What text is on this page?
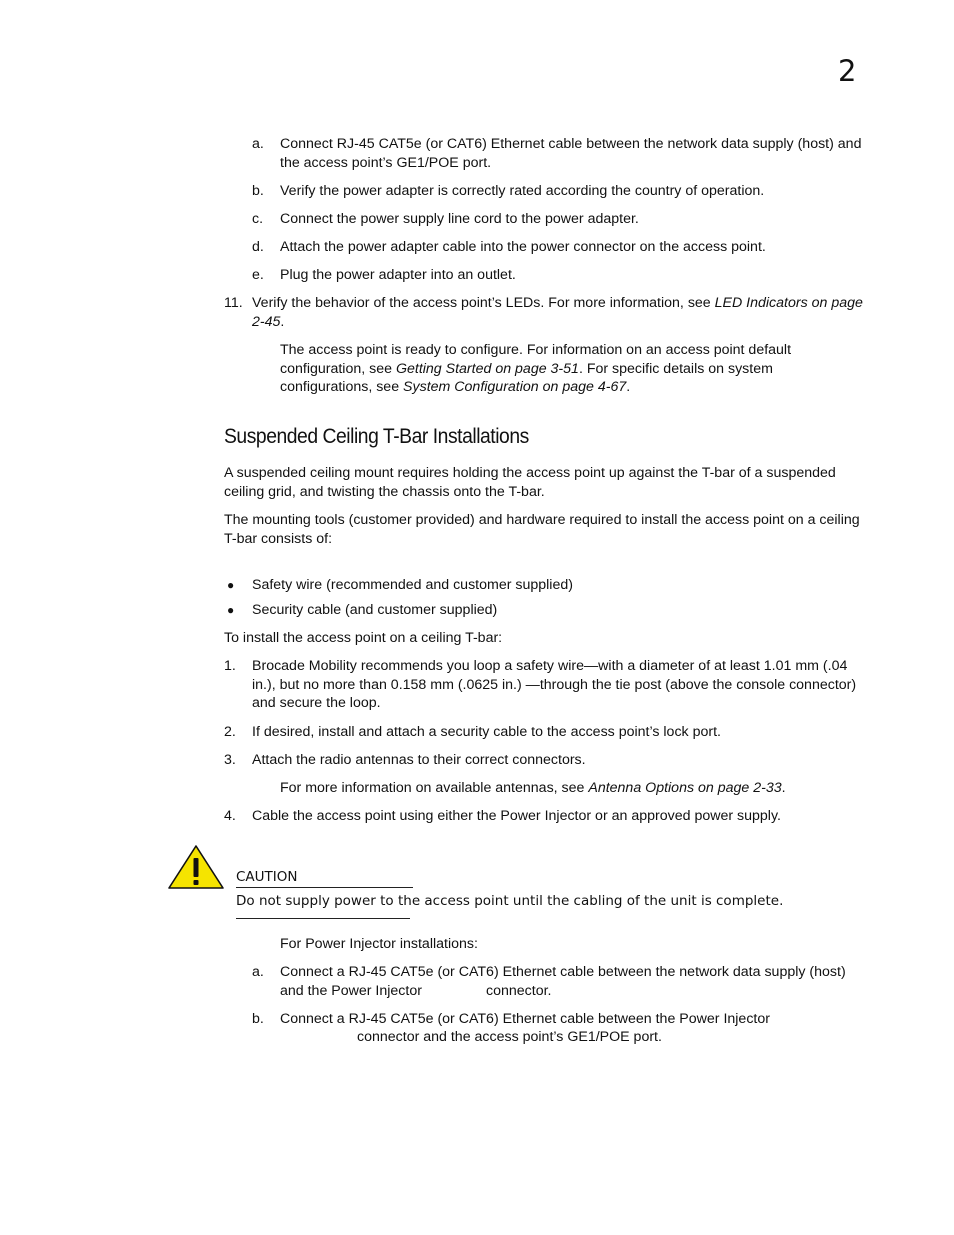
2
a. Connect RJ-45 CAT5e (or CAT6) Ethernet cable between the network data supply (host) and the access point’s GE1/POE port.

b. Verify the power adapter is correctly rated according the country of operation.

c. Connect the power supply line cord to the power adapter.

d. Attach the power adapter cable into the power connector on the access point.

e. Plug the power adapter into an outlet.

11. Verify the behavior of the access point’s LEDs. For more information, see LED Indicators on page 2-45.

The access point is ready to configure. For information on an access point default configuration, see Getting Started on page 3-51. For specific details on system configurations, see System Configuration on page 4-67.

Suspended Ceiling T-Bar Installations

A suspended ceiling mount requires holding the access point up against the T-bar of a suspended ceiling grid, and twisting the chassis onto the T-bar.

The mounting tools (customer provided) and hardware required to install the access point on a ceiling
T-bar consists of:

● Safety wire (recommended and customer supplied)

● Security cable (and customer supplied)

To install the access point on a ceiling T-bar:

1. Brocade Mobility recommends you loop a safety wire—with a diameter of at least 1.01 mm (.04 in.), but no more than 0.158 mm (.0625 in.) —through the tie post (above the console connector) and secure the loop.

2. If desired, install and attach a security cable to the access point’s lock port.

3. Attach the radio antennas to their correct connectors.

For more information on available antennas, see Antenna Options on page 2-33.

4. Cable the access point using either the Power Injector or an approved power supply.

CAUTION
Do not supply power to the access point until the cabling of the unit is complete.

For Power Injector installations:

a. Connect a RJ-45 CAT5e (or CAT6) Ethernet cable between the network data supply (host)
and the Power Injector	connector.
b. Connect a RJ-45 CAT5e (or CAT6) Ethernet cable between the Power Injector
connector and the access point’s GE1/POE port.
